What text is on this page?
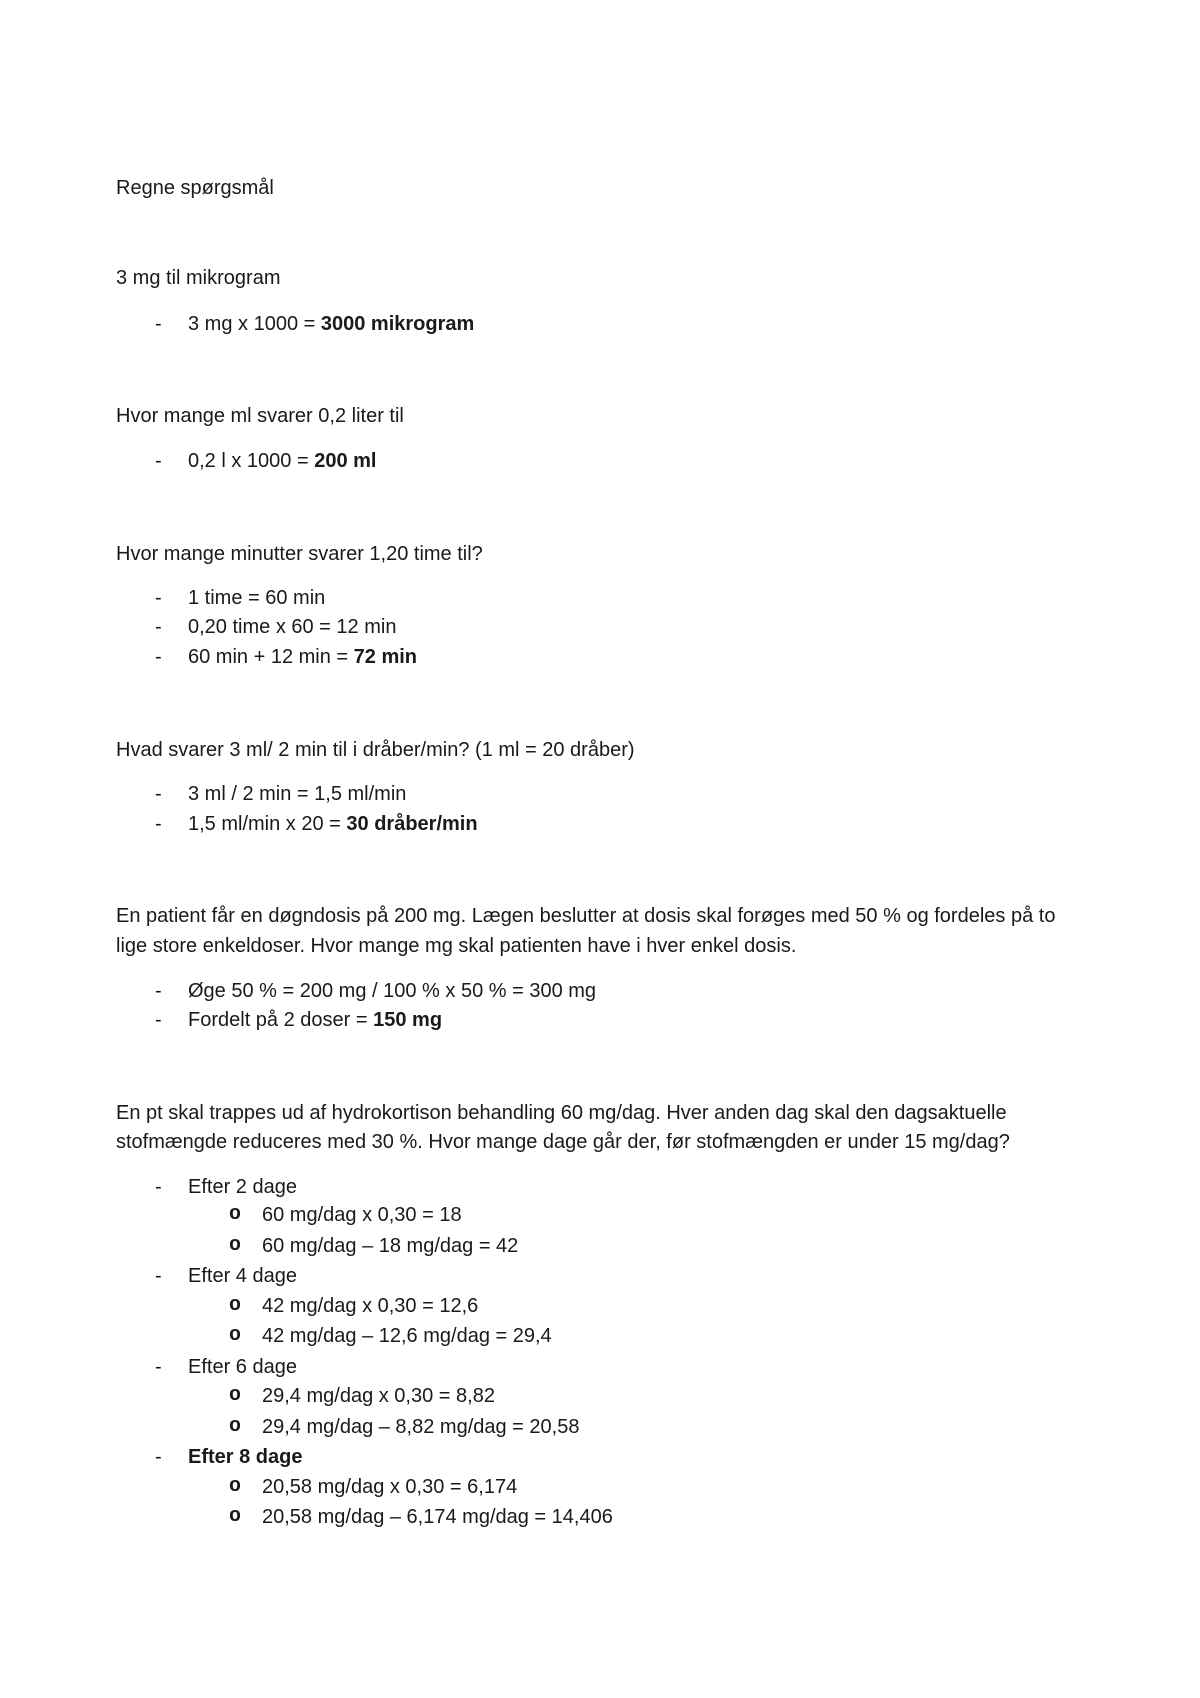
Regne spørgsmål

3 mg til mikrogram

-

3 mg x 1000 = 3000 mikrogram

Hvor mange ml svarer 0,2 liter til

-

0,2 l x 1000 = 200 ml

Hvor mange minutter svarer 1,20 time til?

-

1 time = 60 min

-

0,20 time x 60 = 12 min

-

60 min + 12 min = 72 min

Hvad svarer 3 ml/ 2 min til i dråber/min? (1 ml = 20 dråber)

-

3 ml / 2 min = 1,5 ml/min

-

1,5 ml/min x 20 = 30 dråber/min

En patient får en døgndosis på 200 mg. Lægen beslutter at dosis skal forøges med 50 % og fordeles på to

lige store enkeldoser. Hvor mange mg skal patienten have i hver enkel dosis.

-

Øge 50 % = 200 mg / 100 % x 50 % = 300 mg

-

Fordelt på 2 doser = 150 mg

En pt skal trappes ud af hydrokortison behandling 60 mg/dag. Hver anden dag skal den dagsaktuelle

stofmængde reduceres med 30 %. Hvor mange dage går der, før stofmængden er under 15 mg/dag?

-

Efter 2 dage

o

60 mg/dag x 0,30 = 18

o

60 mg/dag – 18 mg/dag = 42

-

Efter 4 dage

o

42 mg/dag x 0,30 = 12,6

o

42 mg/dag – 12,6 mg/dag = 29,4

-

Efter 6 dage

o

29,4 mg/dag x 0,30 = 8,82

o

29,4 mg/dag – 8,82 mg/dag = 20,58

-

Efter 8 dage

o

20,58 mg/dag x 0,30 = 6,174

o

20,58 mg/dag – 6,174 mg/dag = 14,406
